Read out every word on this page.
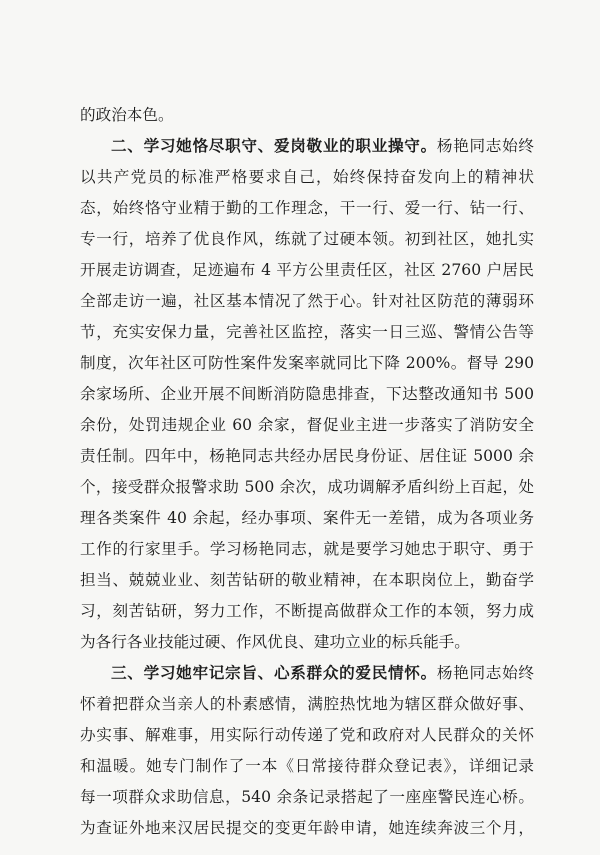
的政治本色。
二、学习她恪尽职守、爱岗敬业的职业操守。杨艳同志始终
以共产党员的标准严格要求自己，始终保持奋发向上的精神状
态，始终恪守业精于勤的工作理念，干一行、爱一行、钻一行、
专一行，培养了优良作风，练就了过硬本领。初到社区，她扎实
开展走访调查，足迹遍布 4 平方公里责任区，社区 2760 户居民
全部走访一遍，社区基本情况了然于心。针对社区防范的薄弱环
节，充实安保力量，完善社区监控，落实一日三巡、警情公告等
制度，次年社区可防性案件发案率就同比下降 200%。督导 290
余家场所、企业开展不间断消防隐患排查，下达整改通知书 500
余份，处罚违规企业 60 余家，督促业主进一步落实了消防安全
责任制。四年中，杨艳同志共经办居民身份证、居住证 5000 余
个，接受群众报警求助 500 余次，成功调解矛盾纠纷上百起，处
理各类案件 40 余起，经办事项、案件无一差错，成为各项业务
工作的行家里手。学习杨艳同志，就是要学习她忠于职守、勇于
担当、兢兢业业、刻苦钻研的敬业精神，在本职岗位上，勤奋学
习，刻苦钻研，努力工作，不断提高做群众工作的本领，努力成
为各行各业技能过硬、作风优良、建功立业的标兵能手。
三、学习她牢记宗旨、心系群众的爱民情怀。杨艳同志始终
怀着把群众当亲人的朴素感情，满腔热忱地为辖区群众做好事、
办实事、解难事，用实际行动传递了党和政府对人民群众的关怀
和温暖。她专门制作了一本《日常接待群众登记表》，详细记录
每一项群众求助信息，540 余条记录搭起了一座座警民连心桥。
为查证外地来汉居民提交的变更年龄申请，她连续奔波三个月，
